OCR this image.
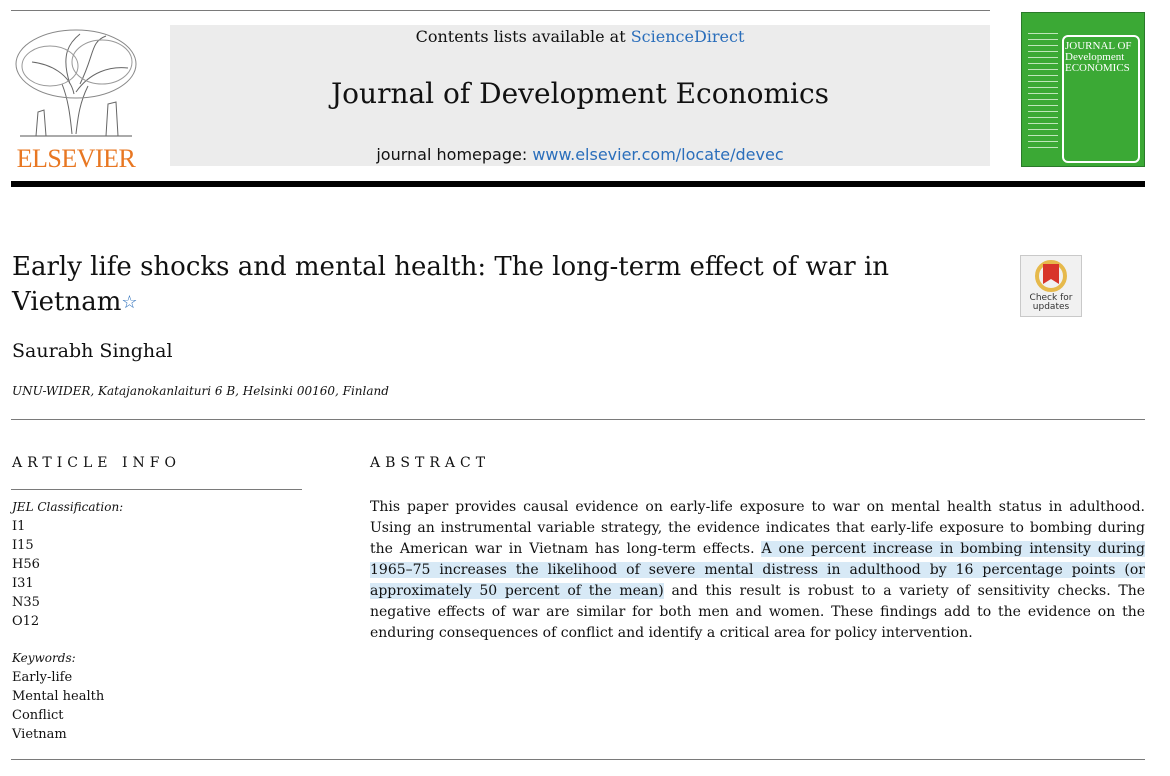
ELSEVIER
Contents lists available at ScienceDirect
Journal of Development Economics
journal homepage: www.elsevier.com/locate/devec
JOURNAL OF Development ECONOMICS
Early life shocks and mental health: The long-term effect of war in Vietnam☆	Check for updates
Saurabh Singhal
UNU-WIDER, Katajanokanlaituri 6 B, Helsinki 00160, Finland
ARTICLE INFO	ABSTRACT
JEL Classification:
I1
I15
H56
I31
N35
O12
Keywords:
Early-life
Mental health
Conflict
Vietnam
This paper provides causal evidence on early-life exposure to war on mental health status in adulthood. Using an instrumental variable strategy, the evidence indicates that early-life exposure to bombing during the American war in Vietnam has long-term effects. A one percent increase in bombing intensity during 1965–75 increases the likelihood of severe mental distress in adulthood by 16 percentage points (or approximately 50 percent of the mean) and this result is robust to a variety of sensitivity checks. The negative effects of war are similar for both men and women. These findings add to the evidence on the enduring consequences of conflict and identify a critical area for policy intervention.
